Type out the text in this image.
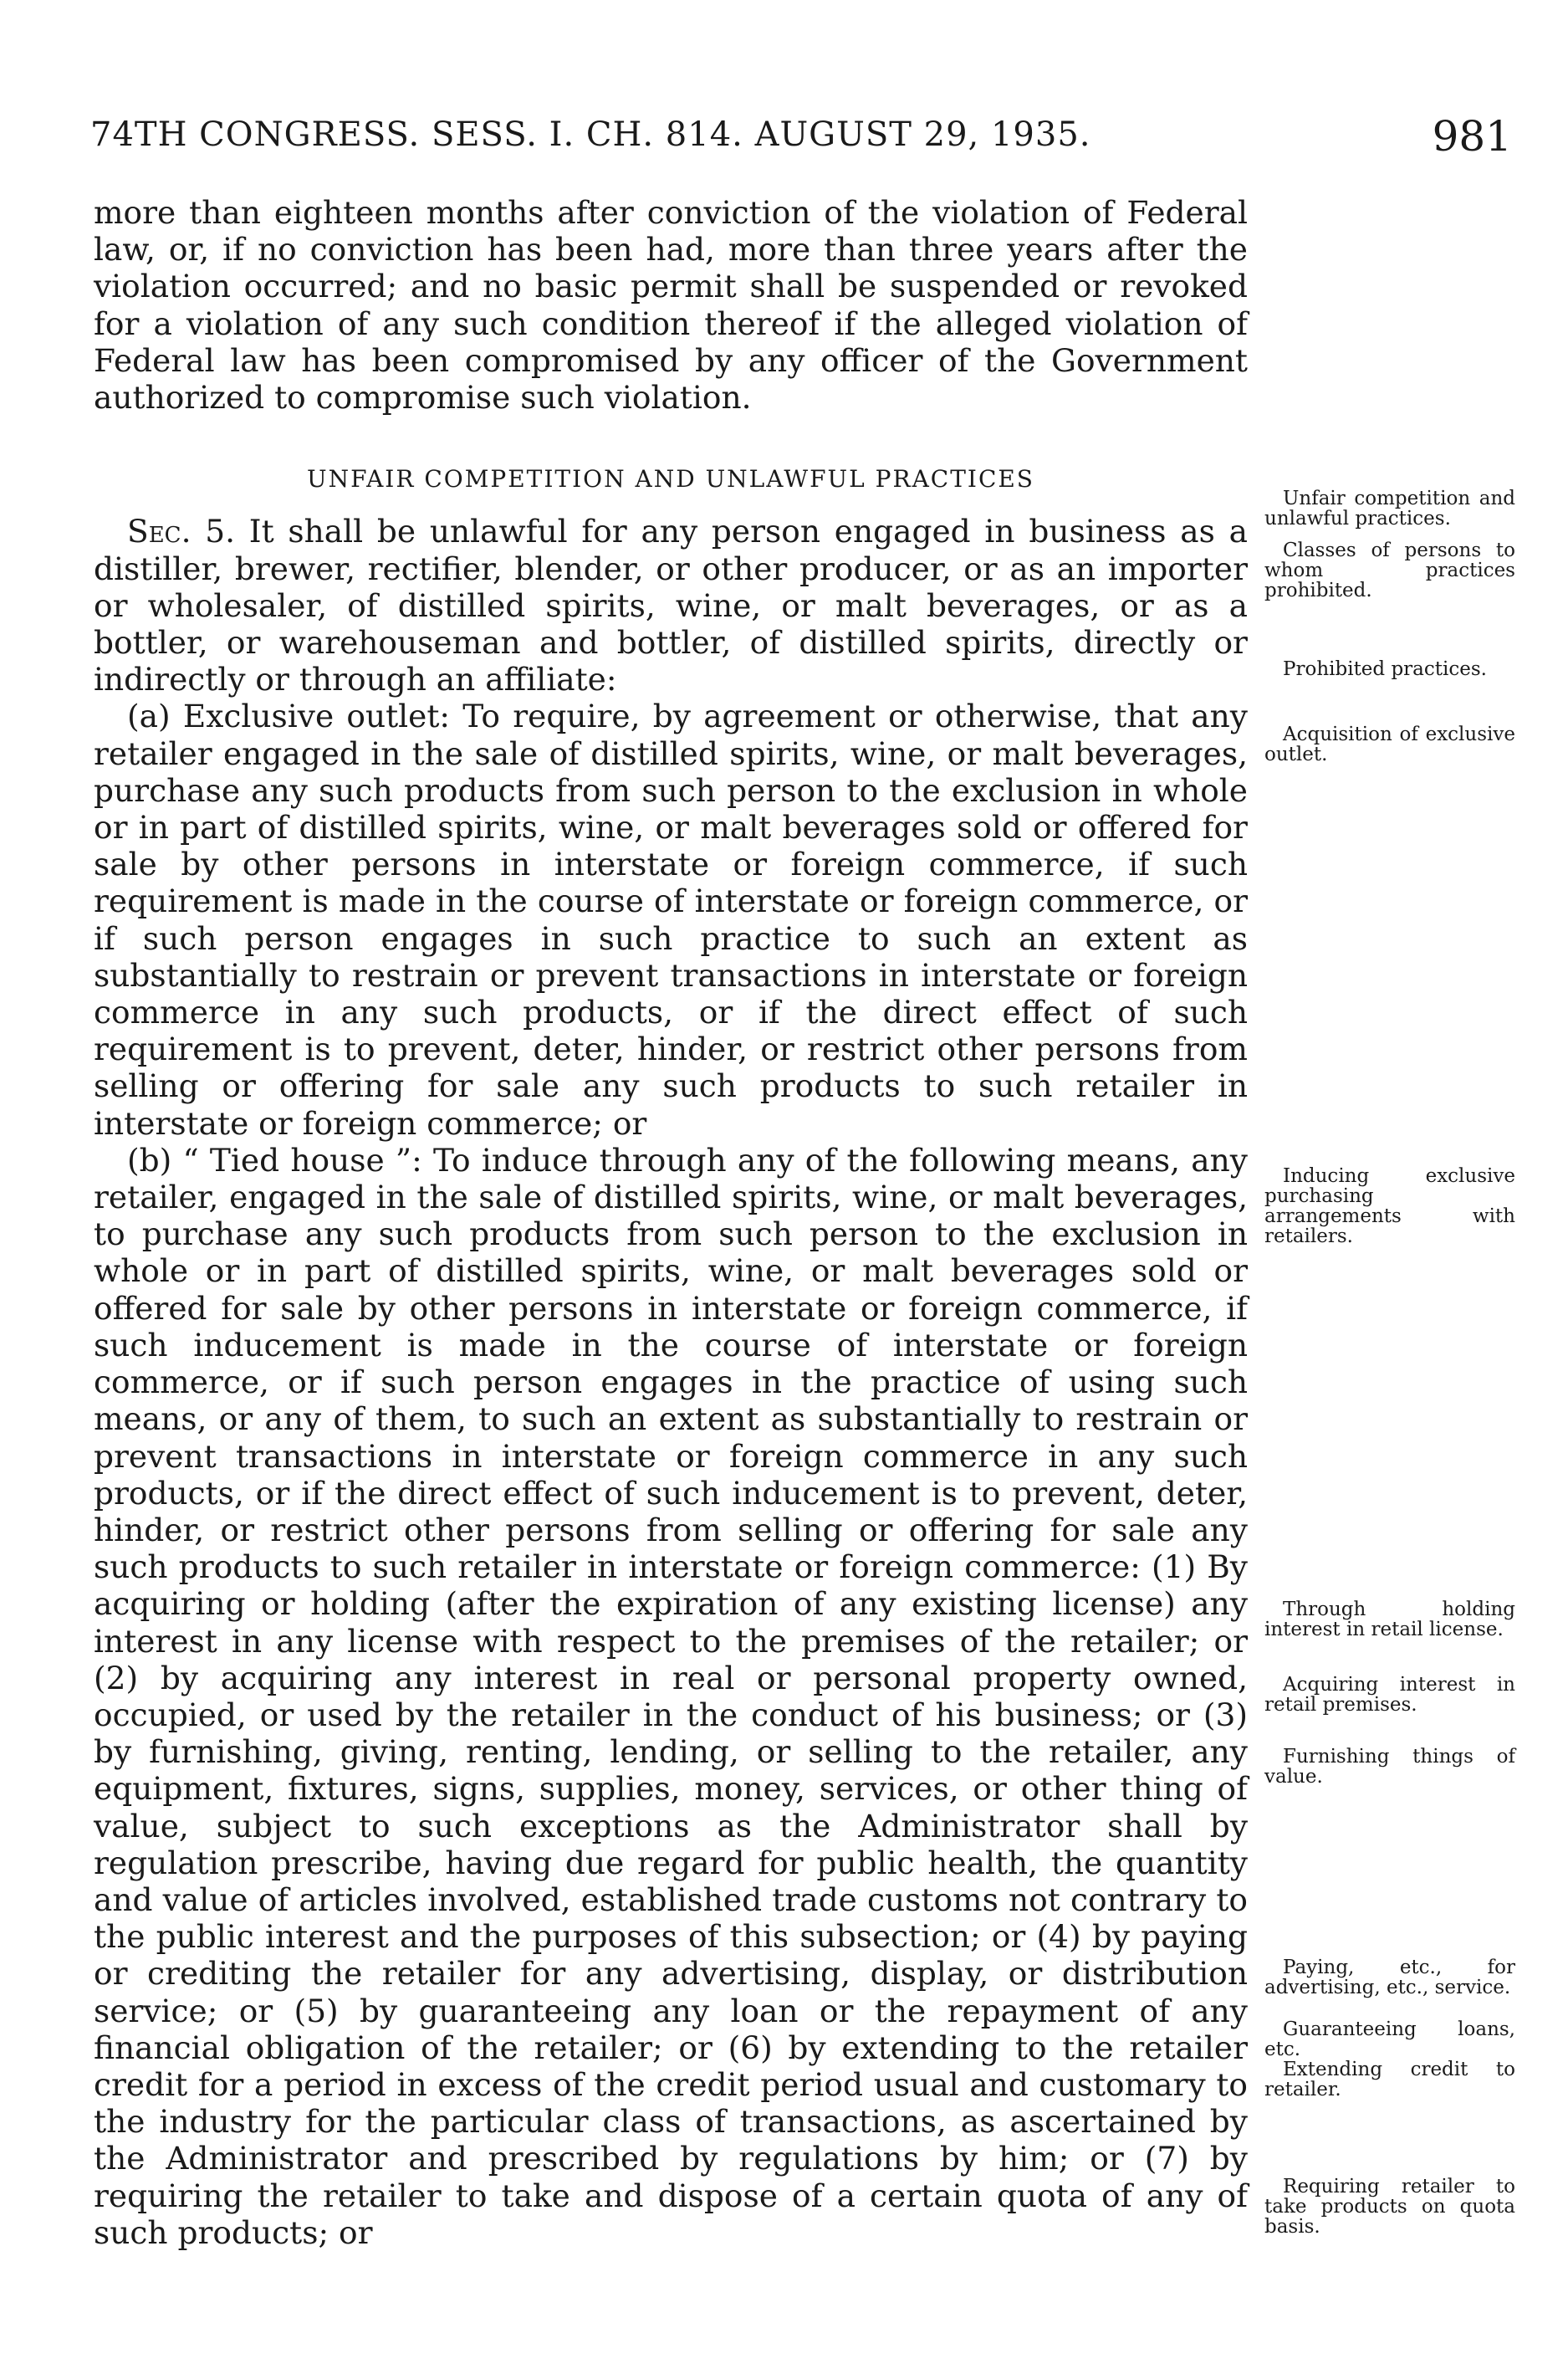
74TH CONGRESS. SESS. I. CH. 814. AUGUST 29, 1935.	981

more than eighteen months after conviction of the violation of Federal law, or, if no conviction has been had, more than three years after the violation occurred; and no basic permit shall be suspended or revoked for a violation of any such condition thereof if the alleged violation of Federal law has been compromised by any officer of the Government authorized to compromise such violation.

UNFAIR COMPETITION AND UNLAWFUL PRACTICES

Sec. 5. It shall be unlawful for any person engaged in business as a distiller, brewer, rectifier, blender, or other producer, or as an importer or wholesaler, of distilled spirits, wine, or malt beverages, or as a bottler, or warehouseman and bottler, of distilled spirits, directly or indirectly or through an affiliate:

(a) Exclusive outlet: To require, by agreement or otherwise, that any retailer engaged in the sale of distilled spirits, wine, or malt beverages, purchase any such products from such person to the exclusion in whole or in part of distilled spirits, wine, or malt beverages sold or offered for sale by other persons in interstate or foreign commerce, if such requirement is made in the course of interstate or foreign commerce, or if such person engages in such practice to such an extent as substantially to restrain or prevent transactions in interstate or foreign commerce in any such products, or if the direct effect of such requirement is to prevent, deter, hinder, or restrict other persons from selling or offering for sale any such products to such retailer in interstate or foreign commerce; or

(b) “ Tied house ”: To induce through any of the following means, any retailer, engaged in the sale of distilled spirits, wine, or malt beverages, to purchase any such products from such person to the exclusion in whole or in part of distilled spirits, wine, or malt beverages sold or offered for sale by other persons in interstate or foreign commerce, if such inducement is made in the course of interstate or foreign commerce, or if such person engages in the practice of using such means, or any of them, to such an extent as substantially to restrain or prevent transactions in interstate or foreign commerce in any such products, or if the direct effect of such inducement is to prevent, deter, hinder, or restrict other persons from selling or offering for sale any such products to such retailer in interstate or foreign commerce: (1) By acquiring or holding (after the expiration of any existing license) any interest in any license with respect to the premises of the retailer; or (2) by acquiring any interest in real or personal property owned, occupied, or used by the retailer in the conduct of his business; or (3) by furnishing, giving, renting, lending, or selling to the retailer, any equipment, fixtures, signs, supplies, money, services, or other thing of value, subject to such exceptions as the Administrator shall by regulation prescribe, having due regard for public health, the quantity and value of articles involved, established trade customs not contrary to the public interest and the purposes of this subsection; or (4) by paying or crediting the retailer for any advertising, display, or distribution service; or (5) by guaranteeing any loan or the repayment of any financial obligation of the retailer; or (6) by extending to the retailer credit for a period in excess of the credit period usual and customary to the industry for the particular class of transactions, as ascertained by the Administrator and prescribed by regulations by him; or (7) by requiring the retailer to take and dispose of a certain quota of any of such products; or

Unfair competition and unlawful practices.
Classes of persons to whom practices prohibited.
Prohibited practices.
Acquisition of exclusive outlet.
Inducing exclusive purchasing arrangements with retailers.
Through holding interest in retail license.
Acquiring interest in retail premises.
Furnishing things of value.
Paying, etc., for advertising, etc., service.
Guaranteeing loans, etc.
Extending credit to retailer.
Requiring retailer to take products on quota basis.
